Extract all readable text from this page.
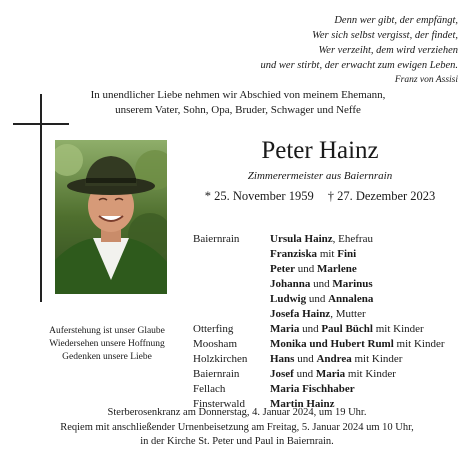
Denn wer gibt, der empfängt,
Wer sich selbst vergisst, der findet,
Wer verzeiht, dem wird verziehen
und wer stirbt, der erwacht zum ewigen Leben.
Franz von Assisi
In unendlicher Liebe nehmen wir Abschied von meinem Ehemann,
unserem Vater, Sohn, Opa, Bruder, Schwager und Neffe
Peter Hainz
Zimmerermeister aus Baiernrain
* 25. November 1959 † 27. Dezember 2023
Baiernrain	Ursula Hainz, Ehefrau
Franziska mit Fini
Peter und Marlene
Johanna und Marinus
Ludwig und Annalena
Josefa Hainz, Mutter
Otterfing	Maria und Paul Büchl mit Kinder
Moosham	Monika und Hubert Ruml mit Kinder
Holzkirchen	Hans und Andrea mit Kinder
Baiernrain	Josef und Maria mit Kinder
Fellach	Maria Fischhaber
Finsterwald	Martin Hainz
Auferstehung ist unser Glaube
Wiedersehen unsere Hoffnung
Gedenken unsere Liebe
Sterberosenkranz am Donnerstag, 4. Januar 2024, um 19 Uhr.
Reqiem mit anschließender Urnenbeisetzung am Freitag, 5. Januar 2024 um 10 Uhr,
in der Kirche St. Peter und Paul in Baiernrain.
